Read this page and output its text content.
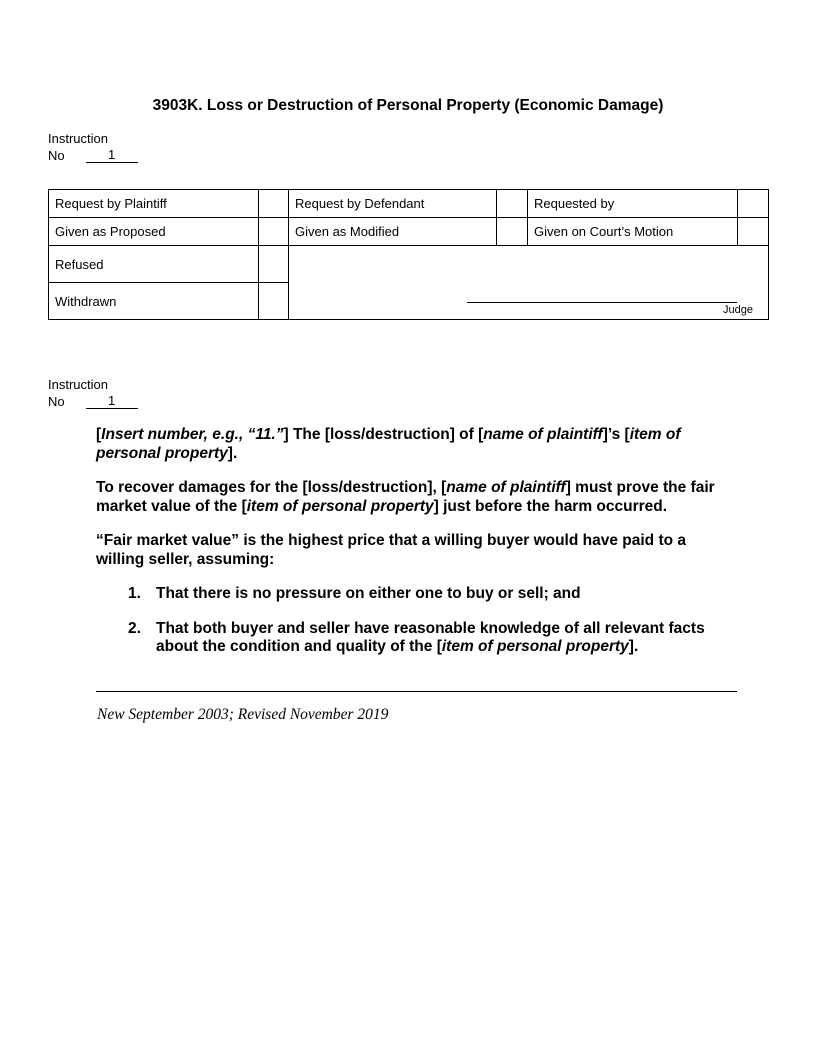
3903K. Loss or Destruction of Personal Property (Economic Damage)
Instruction
No	1
Request by Plaintiff		Request by Defendant		Requested by	
Given as Proposed		Given as Modified		Given on Court’s Motion	
Refused		Judge			

Withdrawn					
Instruction
No	1

[Insert number, e.g., “11.”] The [loss/destruction] of [name of plaintiff]’s [item of personal property].

To recover damages for the [loss/destruction], [name of plaintiff] must prove the fair market value of the [item of personal property] just before the harm occurred.

“Fair market value” is the highest price that a willing buyer would have paid to a willing seller, assuming:

1. That there is no pressure on either one to buy or sell; and
2. That both buyer and seller have reasonable knowledge of all relevant facts about the condition and quality of the [item of personal property].
New September 2003; Revised November 2019
